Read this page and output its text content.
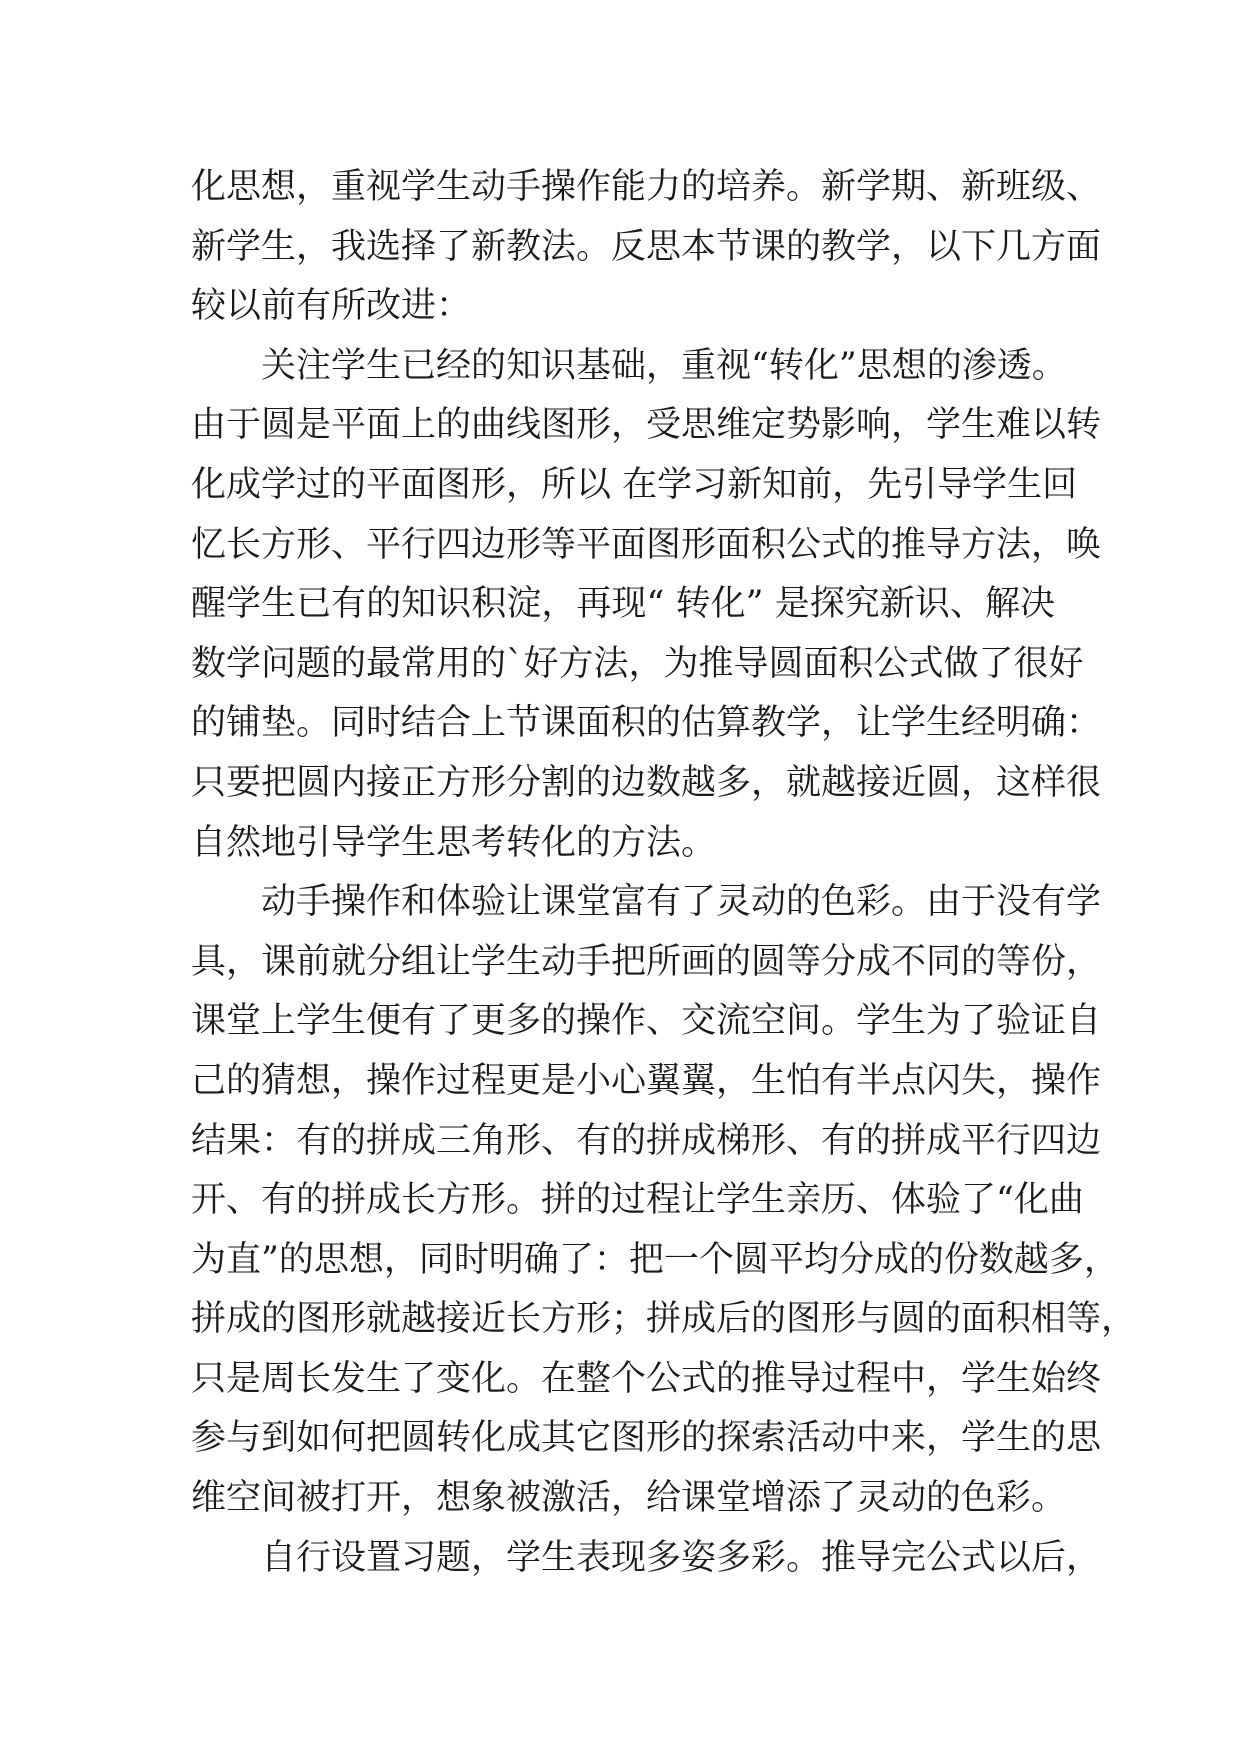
化思想，重视学生动手操作能力的培养。新学期、新班级、
新学生，我选择了新教法。反思本节课的教学，以下几方面
较以前有所改进：
关注学生已经的知识基础，重视“转化”思想的渗透。
由于圆是平面上的曲线图形，受思维定势影响，学生难以转
化成学过的平面图形，所以 在学习新知前，先引导学生回
忆长方形、平行四边形等平面图形面积公式的推导方法，唤
醒学生已有的知识积淀，再现“ 转化” 是探究新识、解决
数学问题的最常用的`好方法，为推导圆面积公式做了很好
的铺垫。同时结合上节课面积的估算教学，让学生经明确：
只要把圆内接正方形分割的边数越多，就越接近圆，这样很
自然地引导学生思考转化的方法。
动手操作和体验让课堂富有了灵动的色彩。由于没有学
具，课前就分组让学生动手把所画的圆等分成不同的等份，
课堂上学生便有了更多的操作、交流空间。学生为了验证自
己的猜想，操作过程更是小心翼翼，生怕有半点闪失，操作
结果：有的拼成三角形、有的拼成梯形、有的拼成平行四边
开、有的拼成长方形。拼的过程让学生亲历、体验了“化曲
为直”的思想，同时明确了：把一个圆平均分成的份数越多，
拼成的图形就越接近长方形；拼成后的图形与圆的面积相等，
只是周长发生了变化。在整个公式的推导过程中，学生始终
参与到如何把圆转化成其它图形的探索活动中来，学生的思
维空间被打开，想象被激活，给课堂增添了灵动的色彩。
自行设置习题，学生表现多姿多彩。推导完公式以后，
